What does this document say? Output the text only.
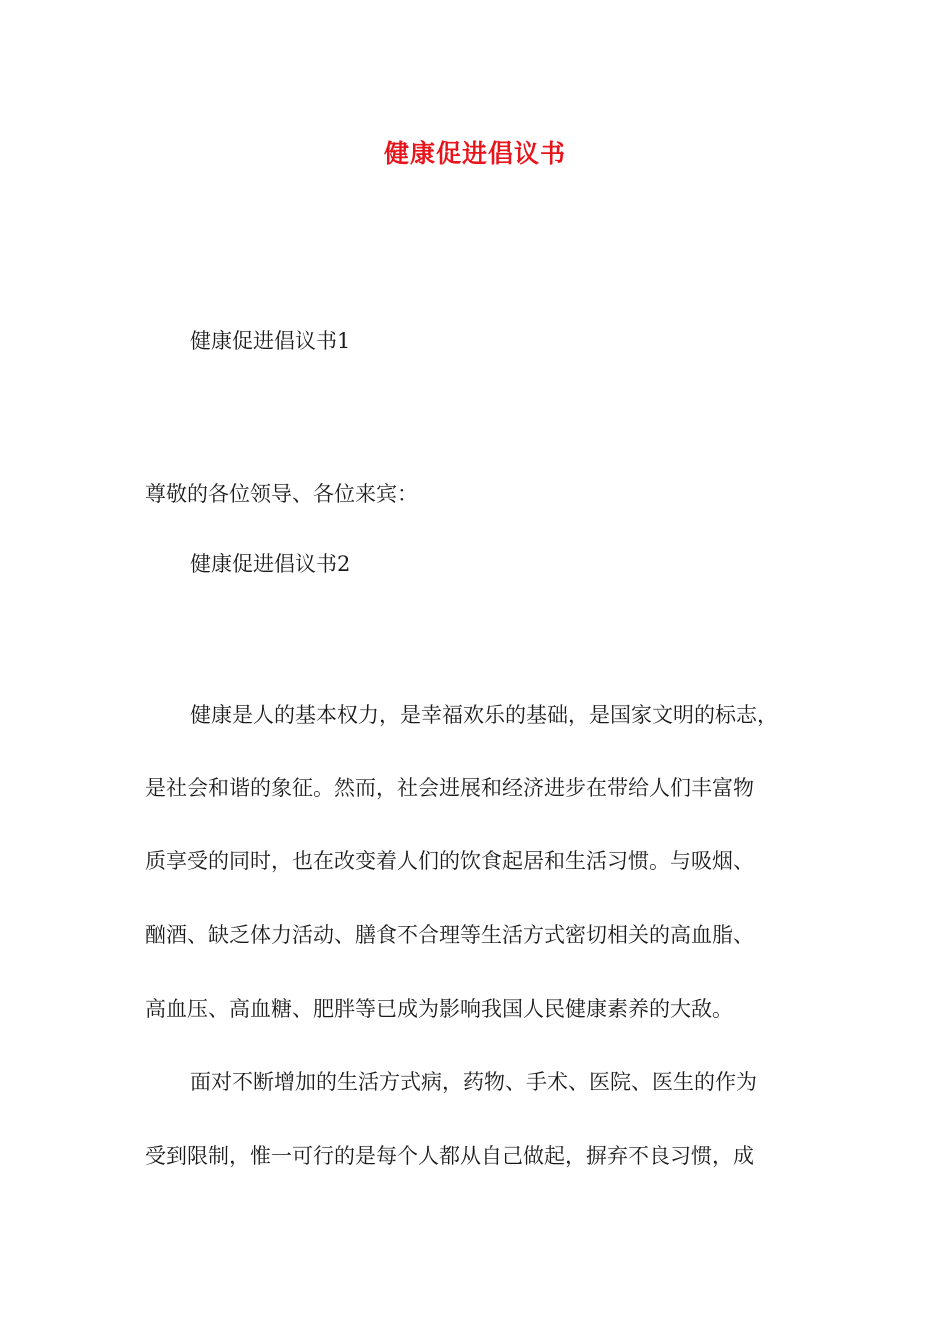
健康促进倡议书
健康促进倡议书1
尊敬的各位领导、各位来宾：
健康促进倡议书2
健康是人的基本权力，是幸福欢乐的基础，是国家文明的标志，
是社会和谐的象征。然而，社会进展和经济进步在带给人们丰富物
质享受的同时，也在改变着人们的饮食起居和生活习惯。与吸烟、
酗酒、缺乏体力活动、膳食不合理等生活方式密切相关的高血脂、
高血压、高血糖、肥胖等已成为影响我国人民健康素养的大敌。
面对不断增加的生活方式病，药物、手术、医院、医生的作为
受到限制，惟一可行的是每个人都从自己做起，摒弃不良习惯，成
